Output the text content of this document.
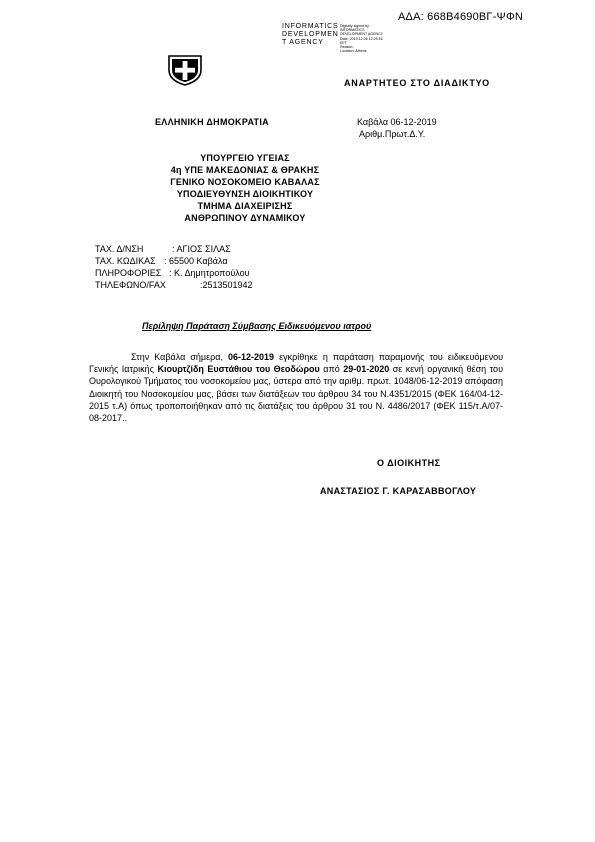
ΑΔΑ: 668Β4690ΒΓ-ΨΦΝ
INFORMATICS
DEVELOPMEN
T AGENCY
Digitally signed by
INFORMATICS
DEVELOPMENT AGENCY
Date: 2019.12.06 12:29:16
EET
Reason:
Location: Athens
ΑΝΑΡΤΗΤΕΟ ΣΤΟ ΔΙΑΔΙΚΤΥΟ
ΕΛΛΗΝΙΚΗ ΔΗΜΟΚΡΑΤΙΑ	Καβάλα 06-12-2019
Αριθμ.Πρωτ.Δ.Υ.
ΥΠΟΥΡΓΕΙΟ ΥΓΕΙΑΣ
4η ΥΠΕ ΜΑΚΕΔΟΝΙΑΣ & ΘΡΑΚΗΣ
ΓΕΝΙΚΟ ΝΟΣΟΚΟΜΕΙΟ ΚΑΒΑΛΑΣ
ΥΠΟΔΙΕΥΘΥΝΣΗ ΔΙΟΙΚΗΤΙΚΟΥ
ΤΜΗΜΑ ΔΙΑΧΕΙΡΙΣΗΣ
ΑΝΘΡΩΠΙΝΟΥ ΔΥΝΑΜΙΚΟΥ
ΤΑΧ. Δ/ΝΣΗ	: ΑΓΙΟΣ ΣΙΛΑΣ
ΤΑΧ. ΚΩΔΙΚΑΣ : 65500 Καβάλα
ΠΛΗΡΟΦΟΡΙΕΣ : Κ. Δημητροπούλου
ΤΗΛΕΦΩΝΟ/FAX	:2513501942
Περίληψη Παράταση Σύμβασης Ειδικευόμενου ιατρού

Στην Καβάλα σήμερα, 06-12-2019 εγκρίθηκε η παράταση παραμονής του ειδικευόμενου Γενικής Ιατρικής Κιουρτζίδη Ευστάθιου του Θεοδώρου από 29-01-2020 σε κενή οργανική θέση του Ουρολογικού Τμήματος του νοσοκομείου μας, ύστερα από την αριθμ. πρωτ. 1048/06-12-2019 απόφαση Διοικητή του Νοσοκομείου μας, βάσει των διατάξεων του άρθρου 34 του Ν.4351/2015 (ΦΕΚ 164/04-12-2015 τ.Α) όπως τροποποιήθηκαν από τις διατάξεις του άρθρου 31 του Ν. 4486/2017 (ΦΕΚ 115/τ.Α/07-08-2017..

Ο ΔΙΟΙΚΗΤΗΣ
ΑΝΑΣΤΑΣΙΟΣ Γ. ΚΑΡΑΣΑΒΒΟΓΛΟΥ
